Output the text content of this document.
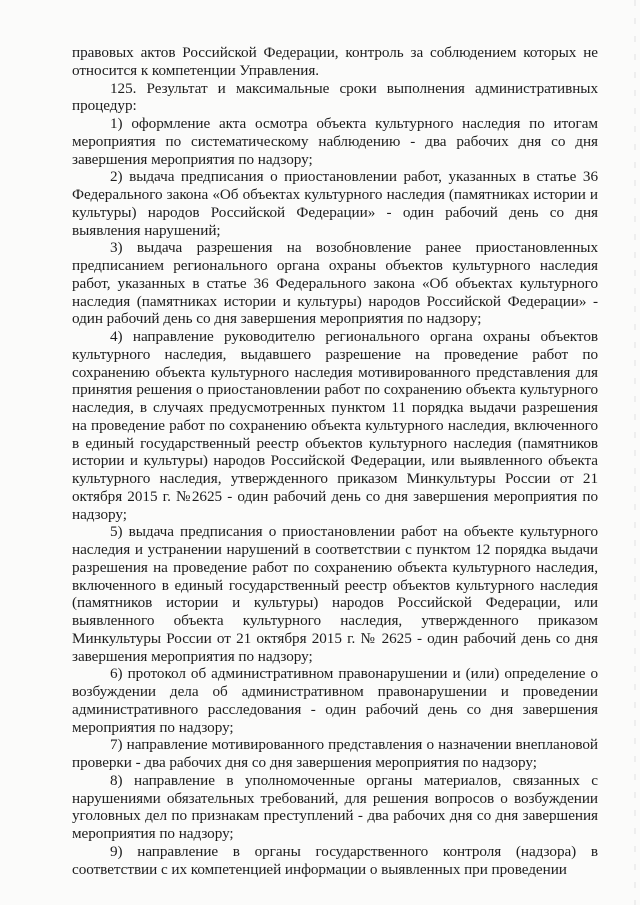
правовых актов Российской Федерации, контроль за соблюдением которых не относится к компетенции Управления.

125. Результат и максимальные сроки выполнения административных процедур:

1) оформление акта осмотра объекта культурного наследия по итогам мероприятия по систематическому наблюдению - два рабочих дня со дня завершения мероприятия по надзору;

2) выдача предписания о приостановлении работ, указанных в статье 36 Федерального закона «Об объектах культурного наследия (памятниках истории и культуры) народов Российской Федерации» - один рабочий день со дня выявления нарушений;

3) выдача разрешения на возобновление ранее приостановленных предписанием регионального органа охраны объектов культурного наследия работ, указанных в статье 36 Федерального закона «Об объектах культурного наследия (памятниках истории и культуры) народов Российской Федерации» - один рабочий день со дня завершения мероприятия по надзору;

4) направление руководителю регионального органа охраны объектов культурного наследия, выдавшего разрешение на проведение работ по сохранению объекта культурного наследия мотивированного представления для принятия решения о приостановлении работ по сохранению объекта культурного наследия, в случаях предусмотренных пунктом 11 порядка выдачи разрешения на проведение работ по сохранению объекта культурного наследия, включенного в единый государственный реестр объектов культурного наследия (памятников истории и культуры) народов Российской Федерации, или выявленного объекта культурного наследия, утвержденного приказом Минкультуры России от 21 октября 2015 г. №2625 - один рабочий день со дня завершения мероприятия по надзору;

5) выдача предписания о приостановлении работ на объекте культурного наследия и устранении нарушений в соответствии с пунктом 12 порядка выдачи разрешения на проведение работ по сохранению объекта культурного наследия, включенного в единый государственный реестр объектов культурного наследия (памятников истории и культуры) народов Российской Федерации, или выявленного объекта культурного наследия, утвержденного приказом Минкультуры России от 21 октября 2015 г. № 2625 - один рабочий день со дня завершения мероприятия по надзору;

6) протокол об административном правонарушении и (или) определение о возбуждении дела об административном правонарушении и проведении административного расследования - один рабочий день со дня завершения мероприятия по надзору;

7) направление мотивированного представления о назначении внеплановой проверки - два рабочих дня со дня завершения мероприятия по надзору;

8) направление в уполномоченные органы материалов, связанных с нарушениями обязательных требований, для решения вопросов о возбуждении уголовных дел по признакам преступлений - два рабочих дня со дня завершения мероприятия по надзору;

9) направление в органы государственного контроля (надзора) в соответствии с их компетенцией информации о выявленных при проведении
